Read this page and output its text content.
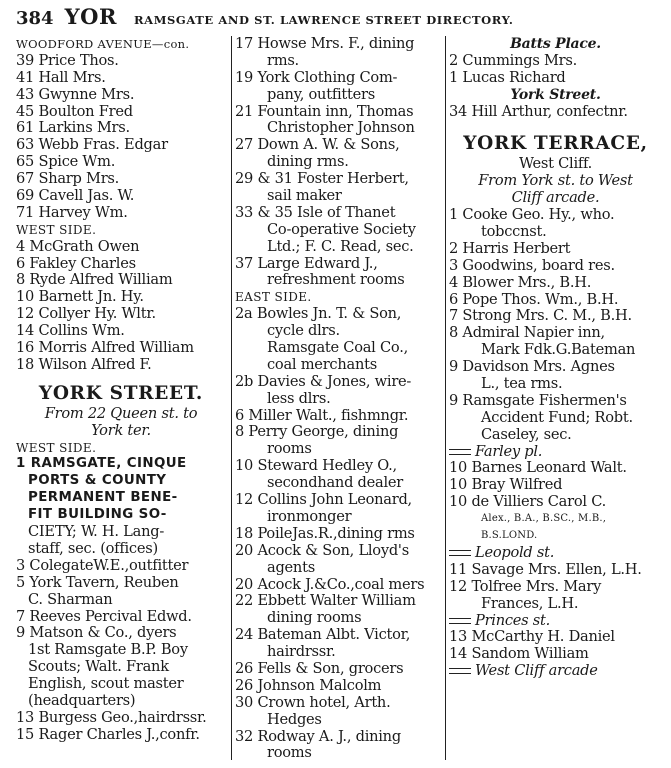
384 YOR RAMSGATE AND ST. LAWRENCE STREET DIRECTORY.
WOODFORD AVENUE—con.
39 Price Thos.
41 Hall Mrs.
43 Gwynne Mrs.
45 Boulton Fred
61 Larkins Mrs.
63 Webb Fras. Edgar
65 Spice Wm.
67 Sharp Mrs.
69 Cavell Jas. W.
71 Harvey Wm.
WEST SIDE.
4 McGrath Owen
6 Fakley Charles
8 Ryde Alfred William
10 Barnett Jn. Hy.
12 Collyer Hy. Wltr.
14 Collins Wm.
16 Morris Alfred William
18 Wilson Alfred F.
YORK STREET.
From 22 Queen st. to
York ter.
WEST SIDE.
1 RAMSGATE, CINQUE
PORTS & COUNTY
PERMANENT BENE-
FIT BUILDING SO-
CIETY; W. H. Lang-
staff, sec. (offices)
3 ColegateW.E.,outfitter
5 York Tavern, Reuben
C. Sharman
7 Reeves Percival Edwd.
9 Matson & Co., dyers
1st Ramsgate B.P. Boy
Scouts; Walt. Frank
English, scout master
(headquarters)
13 Burgess Geo.,hairdrssr.
15 Rager Charles J.,confr.
17 Howse Mrs. F., dining
rms.
19 York Clothing Com-
pany, outfitters
21 Fountain inn, Thomas
Christopher Johnson
27 Down A. W. & Sons,
dining rms.
29 & 31 Foster Herbert,
sail maker
33 & 35 Isle of Thanet
Co-operative Society
Ltd.; F. C. Read, sec.
37 Large Edward J.,
refreshment rooms
EAST SIDE.
2a Bowles Jn. T. & Son,
cycle dlrs.
Ramsgate Coal Co.,
coal merchants
2b Davies & Jones, wire-
less dlrs.
6 Miller Walt., fishmngr.
8 Perry George, dining
rooms
10 Steward Hedley O.,
secondhand dealer
12 Collins John Leonard,
ironmonger
18 PoileJas.R.,dining rms
20 Acock & Son, Lloyd's
agents
20 Acock J.&Co.,coal mers
22 Ebbett Walter William
dining rooms
24 Bateman Albt. Victor,
hairdrssr.
26 Fells & Son, grocers
26 Johnson Malcolm
30 Crown hotel, Arth.
Hedges
32 Rodway A. J., dining
rooms
Batts Place.
2 Cummings Mrs.
1 Lucas Richard
York Street.
34 Hill Arthur, confectnr.
YORK TERRACE,
West Cliff.
From York st. to West
Cliff arcade.
1 Cooke Geo. Hy., who.
tobccnst.
2 Harris Herbert
3 Goodwins, board res.
4 Blower Mrs., B.H.
6 Pope Thos. Wm., B.H.
7 Strong Mrs. C. M., B.H.
8 Admiral Napier inn,
Mark Fdk.G.Bateman
9 Davidson Mrs. Agnes
L., tea rms.
9 Ramsgate Fishermen's
Accident Fund; Robt.
Caseley, sec.
Farley pl.
10 Barnes Leonard Walt.
10 Bray Wilfred
10 de Villiers Carol C.
Alex., B.A., B.SC., M.B.,
B.S.LOND.
Leopold st.
11 Savage Mrs. Ellen, L.H.
12 Tolfree Mrs. Mary
Frances, L.H.
Princes st.
13 McCarthy H. Daniel
14 Sandom William
West Cliff arcade
